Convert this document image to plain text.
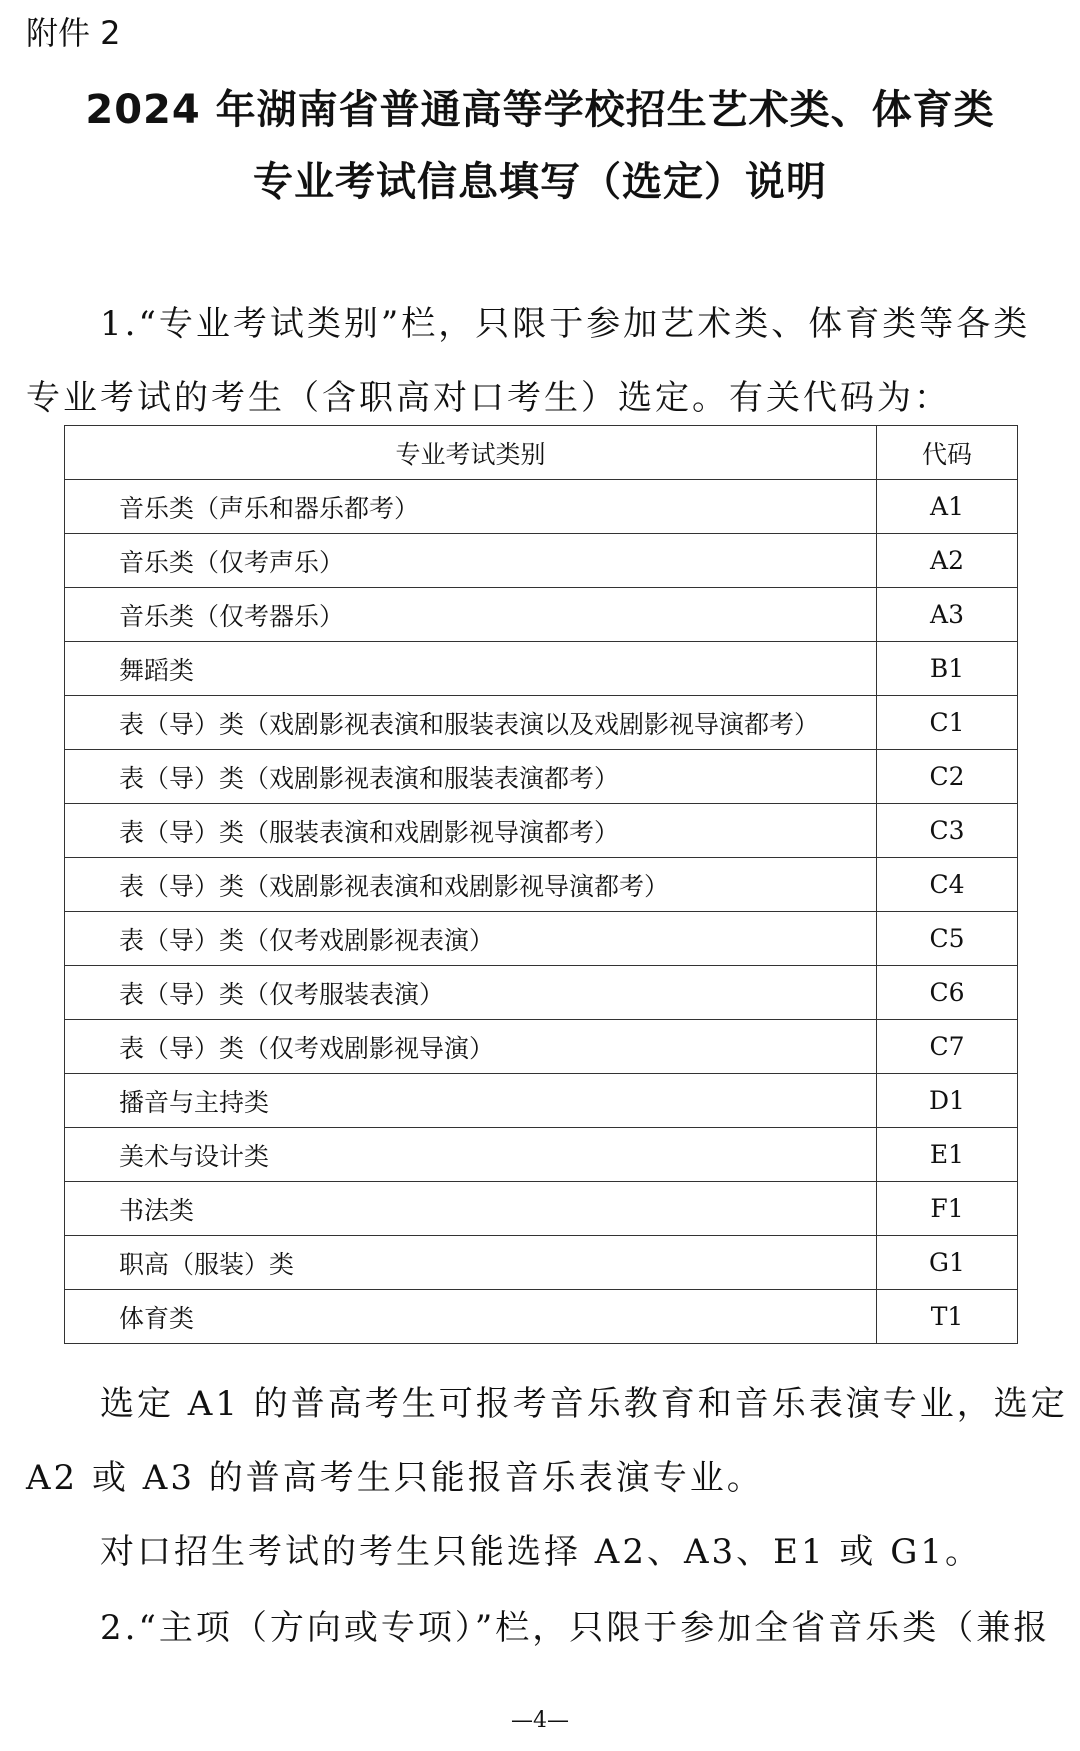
附件 2
2024 年湖南省普通高等学校招生艺术类、体育类
专业考试信息填写（选定）说明
1.“专业考试类别”栏，只限于参加艺术类、体育类等各类
专业考试的考生（含职高对口考生）选定。有关代码为：
专业考试类别	代码
音乐类（声乐和器乐都考）	A1
音乐类（仅考声乐）	A2
音乐类（仅考器乐）	A3
舞蹈类	B1
表（导）类（戏剧影视表演和服装表演以及戏剧影视导演都考）	C1
表（导）类（戏剧影视表演和服装表演都考）	C2
表（导）类（服装表演和戏剧影视导演都考）	C3
表（导）类（戏剧影视表演和戏剧影视导演都考）	C4
表（导）类（仅考戏剧影视表演）	C5
表（导）类（仅考服装表演）	C6
表（导）类（仅考戏剧影视导演）	C7
播音与主持类	D1
美术与设计类	E1
书法类	F1
职高（服装）类	G1
体育类	T1
选定 A1 的普高考生可报考音乐教育和音乐表演专业，选定
A2 或 A3 的普高考生只能报音乐表演专业。
对口招生考试的考生只能选择 A2、A3、E1 或 G1。
2.“主项（方向或专项）”栏，只限于参加全省音乐类（兼报
—4—
